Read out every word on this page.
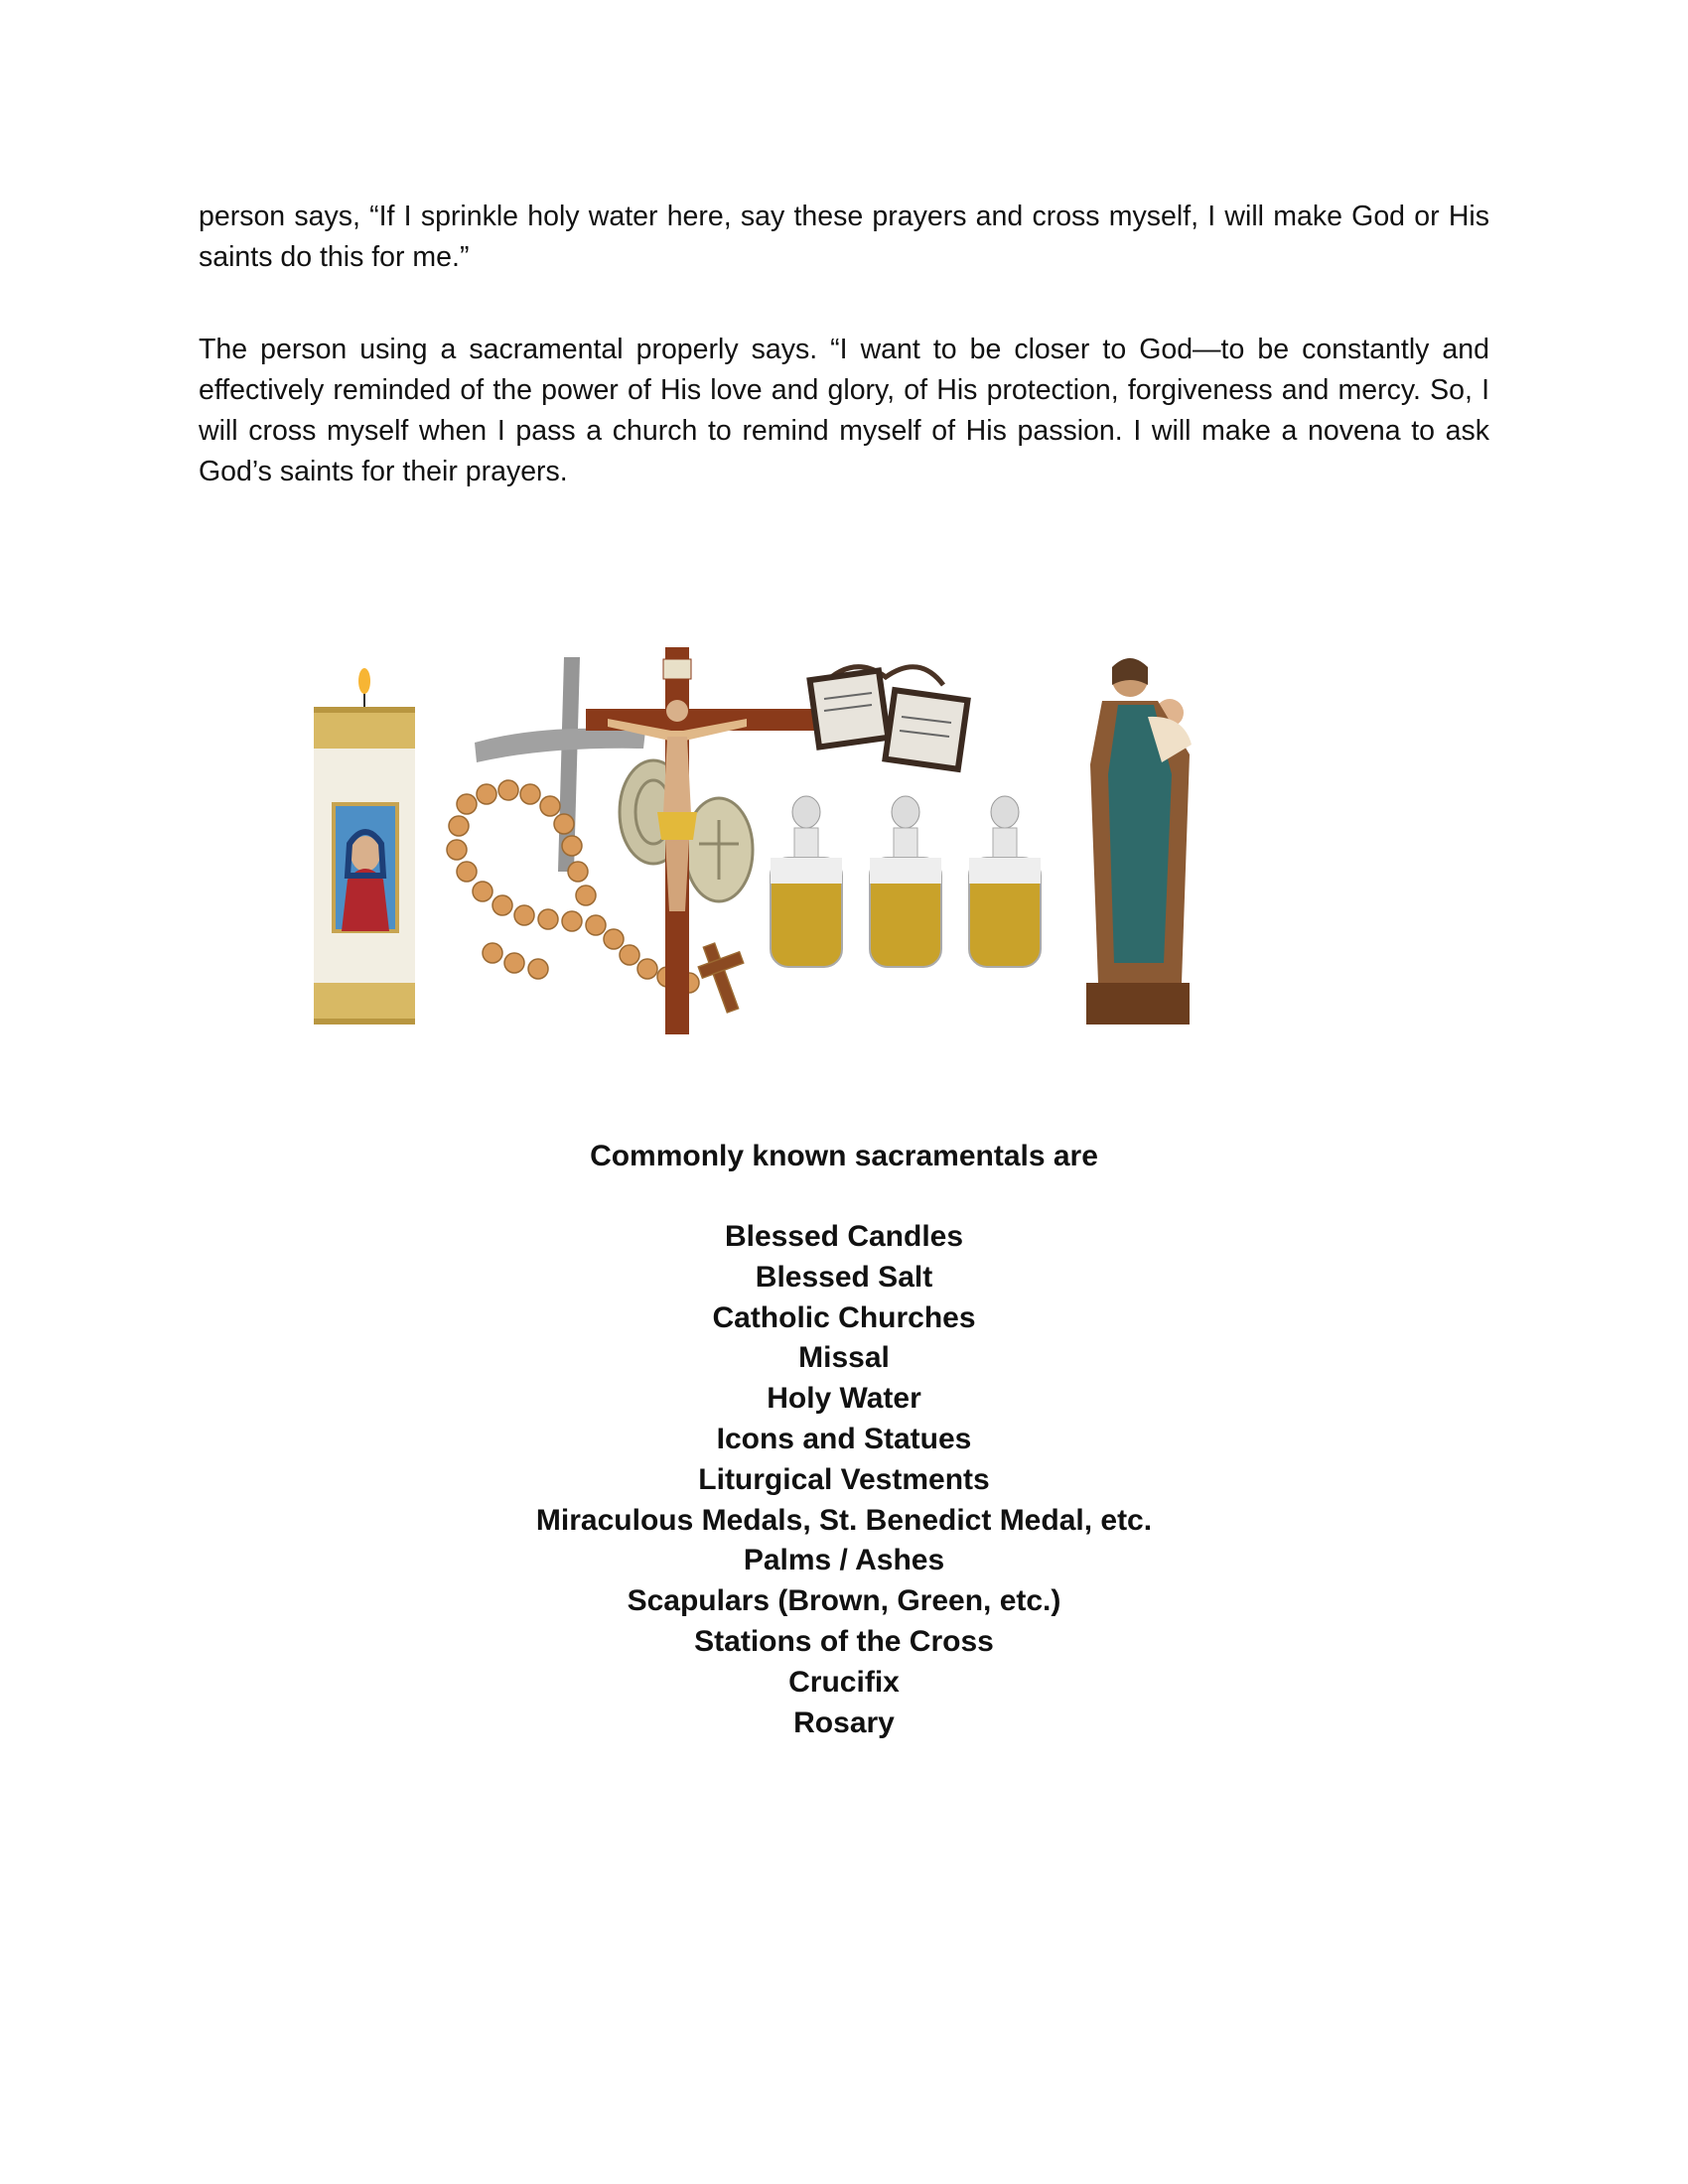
person says, “If I sprinkle holy water here, say these prayers and cross myself, I will make God or His saints do this for me.”

The person using a sacramental properly says. “I want to be closer to God—to be constantly and effectively reminded of the power of His love and glory, of His protection, forgiveness and mercy. So, I will cross myself when I pass a church to remind myself of His passion. I will make a novena to ask God’s saints for their prayers.

Commonly known sacramentals are

Blessed Candles
Blessed Salt
Catholic Churches
Missal
Holy Water
Icons and Statues
Liturgical Vestments
Miraculous Medals, St. Benedict Medal, etc.
Palms / Ashes
Scapulars (Brown, Green, etc.)
Stations of the Cross
Crucifix
Rosary
